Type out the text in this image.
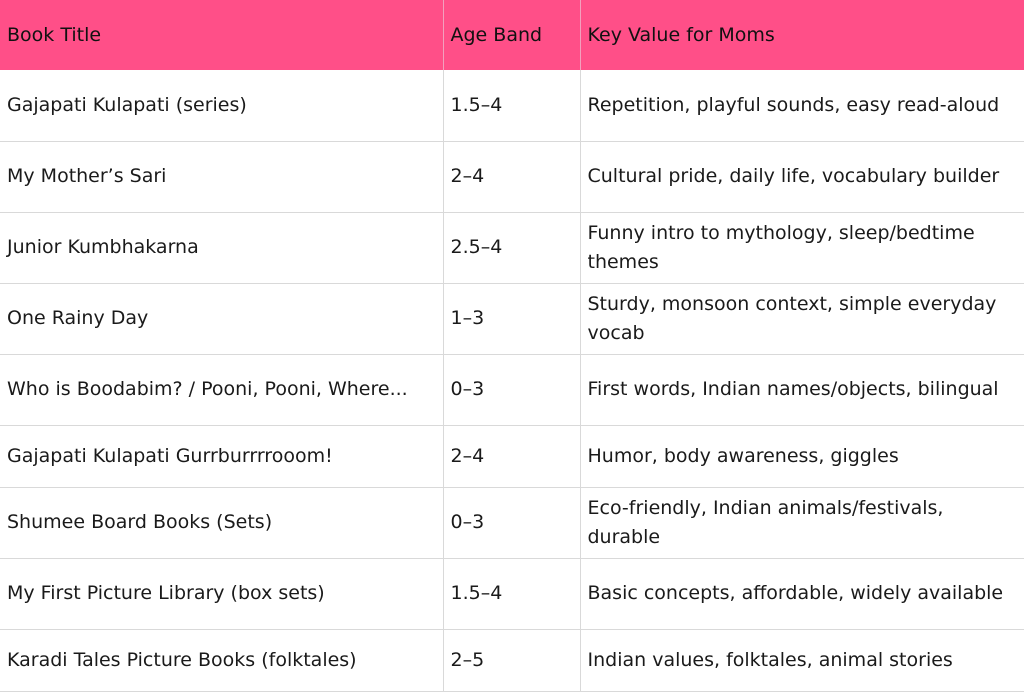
Book Title	Age Band	Key Value for Moms
Gajapati Kulapati (series)	1.5–4	Repetition, playful sounds, easy read-aloud
My Mother’s Sari	2–4	Cultural pride, daily life, vocabulary builder
Junior Kumbhakarna	2.5–4	Funny intro to mythology, sleep/bedtime themes
One Rainy Day	1–3	Sturdy, monsoon context, simple everyday vocab
Who is Boodabim? / Pooni, Pooni, Where...	0–3	First words, Indian names/objects, bilingual
Gajapati Kulapati Gurrburrrrooom!	2–4	Humor, body awareness, giggles
Shumee Board Books (Sets)	0–3	Eco-friendly, Indian animals/festivals, durable
My First Picture Library (box sets)	1.5–4	Basic concepts, affordable, widely available
Karadi Tales Picture Books (folktales)	2–5	Indian values, folktales, animal stories
